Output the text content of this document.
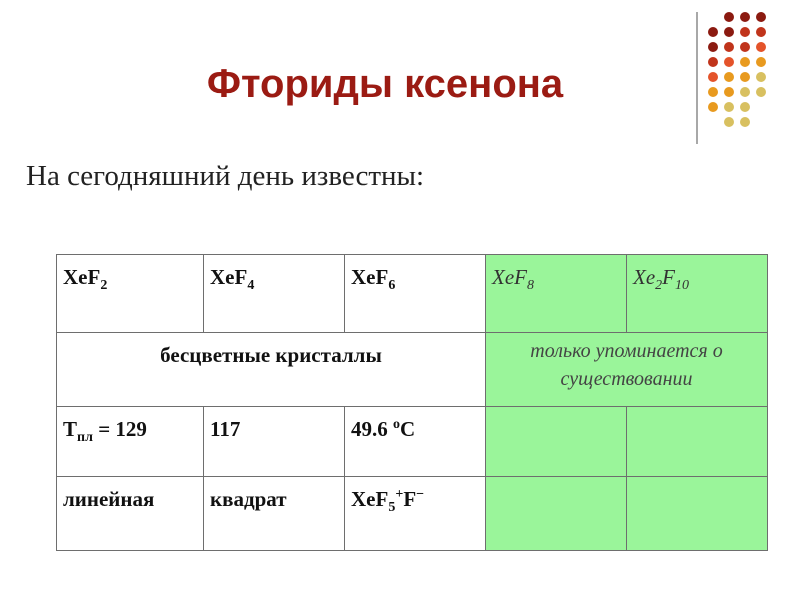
Фториды ксенона
На сегодняшний день известны:
XeF$_2$	XeF$_4$	XeF$_6$	XeF$_8$	$Xe_2F_{10}$
бесцветные кристаллы			только упоминается о существовании	
$T_{пл} = 129$	117	49.6 $^o$C		
линейная	квадрат	XeF$_5$+F−		
